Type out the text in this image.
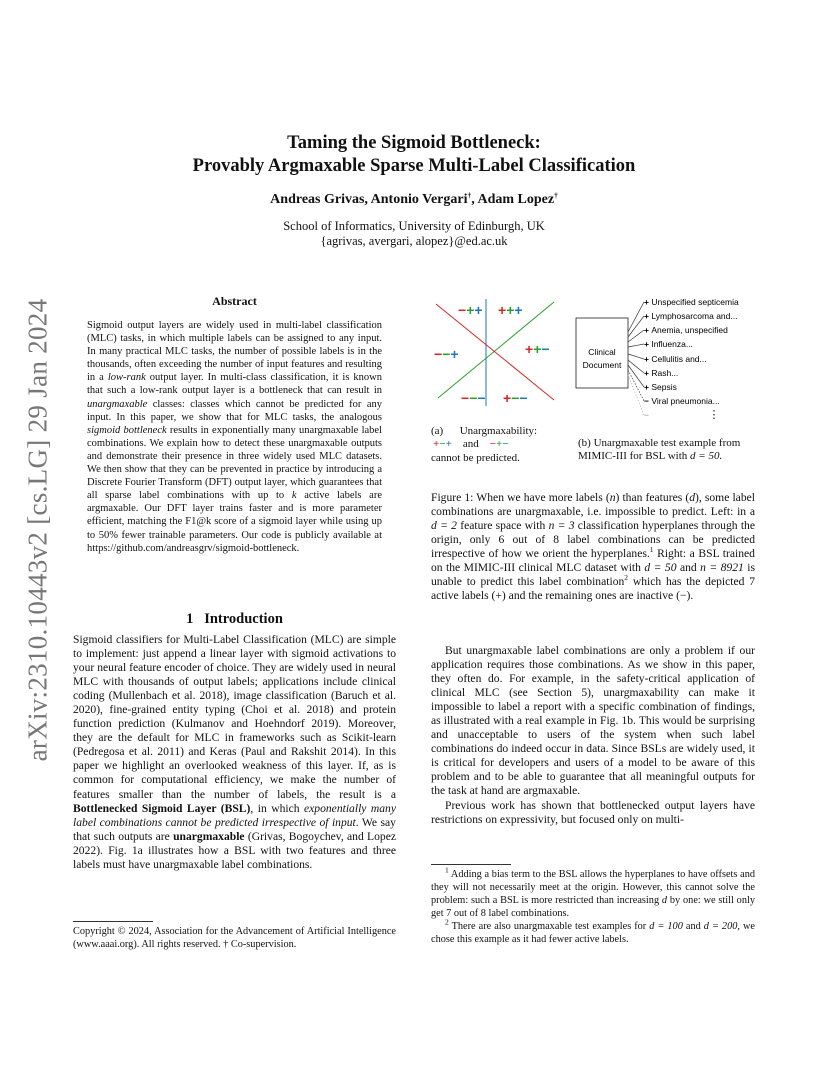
arXiv:2310.10443v2 [cs.LG] 29 Jan 2024
Taming the Sigmoid Bottleneck:
Provably Argmaxable Sparse Multi-Label Classification
Andreas Grivas, Antonio Vergari†, Adam Lopez†
School of Informatics, University of Edinburgh, UK
{agrivas, avergari, alopez}@ed.ac.uk
Abstract
Sigmoid output layers are widely used in multi-label classification (MLC) tasks, in which multiple labels can be assigned to any input. In many practical MLC tasks, the number of possible labels is in the thousands, often exceeding the number of input features and resulting in a low-rank output layer. In multi-class classification, it is known that such a low-rank output layer is a bottleneck that can result in unargmaxable classes: classes which cannot be predicted for any input. In this paper, we show that for MLC tasks, the analogous sigmoid bottleneck results in exponentially many unargmaxable label combinations. We explain how to detect these unargmaxable outputs and demonstrate their presence in three widely used MLC datasets. We then show that they can be prevented in practice by introducing a Discrete Fourier Transform (DFT) output layer, which guarantees that all sparse label combinations with up to k active labels are argmaxable. Our DFT layer trains faster and is more parameter efficient, matching the F1@k score of a sigmoid layer while using up to 50% fewer trainable parameters. Our code is publicly available at https://github.com/andreasgrv/sigmoid-bottleneck.
1 Introduction
Sigmoid classifiers for Multi-Label Classification (MLC) are simple to implement: just append a linear layer with sigmoid activations to your neural feature encoder of choice. They are widely used in neural MLC with thousands of output labels; applications include clinical coding (Mullenbach et al. 2018), image classification (Baruch et al. 2020), fine-grained entity typing (Choi et al. 2018) and protein function prediction (Kulmanov and Hoehndorf 2019). Moreover, they are the default for MLC in frameworks such as Scikit-learn (Pedregosa et al. 2011) and Keras (Paul and Rakshit 2014). In this paper we highlight an overlooked weakness of this layer. If, as is common for computational efficiency, we make the number of features smaller than the number of labels, the result is a Bottlenecked Sigmoid Layer (BSL), in which exponentially many label combinations cannot be predicted irrespective of input. We say that such outputs are unargmaxable (Grivas, Bogoychev, and Lopez 2022). Fig. 1a illustrates how a BSL with two features and three labels must have unargmaxable label combinations.
Copyright © 2024, Association for the Advancement of Artificial Intelligence (www.aaai.org). All rights reserved. † Co-supervision.
−++ +++
−−+	++−
−−− +−−
(a) Unargmaxability:
+−+ and −+−
cannot be predicted.
Clinical
Document
+ Unspecified septicemia
+ Lymphosarcoma and...
+ Anemia, unspecified
+ Influenza...
+ Cellulitis and...
+ Rash...
+ Sepsis
− Viral pneumonia...
−	⋮
(b) Unargmaxable test example from MIMIC-III for BSL with d = 50.
Figure 1: When we have more labels (n) than features (d), some label combinations are unargmaxable, i.e. impossible to predict. Left: in a d = 2 feature space with n = 3 classification hyperplanes through the origin, only 6 out of 8 label combinations can be predicted irrespective of how we orient the hyperplanes.$^1$ Right: a BSL trained on the MIMIC-III clinical MLC dataset with d = 50 and n = 8921 is unable to predict this label combination$^2$ which has the depicted 7 active labels (+) and the remaining ones are inactive (−).

But unargmaxable label combinations are only a problem if our application requires those combinations. As we show in this paper, they often do. For example, in the safety-critical application of clinical MLC (see Section 5), unargmaxability can make it impossible to label a report with a specific combination of findings, as illustrated with a real example in Fig. 1b. This would be surprising and unacceptable to users of the system when such label combinations do indeed occur in data. Since BSLs are widely used, it is critical for developers and users of a model to be aware of this problem and to be able to guarantee that all meaningful outputs for the task at hand are argmaxable.

Previous work has shown that bottlenecked output layers have restrictions on expressivity, but focused only on multi-

$^1$ Adding a bias term to the BSL allows the hyperplanes to have offsets and they will not necessarily meet at the origin. However, this cannot solve the problem: such a BSL is more restricted than increasing d by one: we still only get 7 out of 8 label combinations.

$^2$ There are also unargmaxable test examples for d = 100 and d = 200, we chose this example as it had fewer active labels.
